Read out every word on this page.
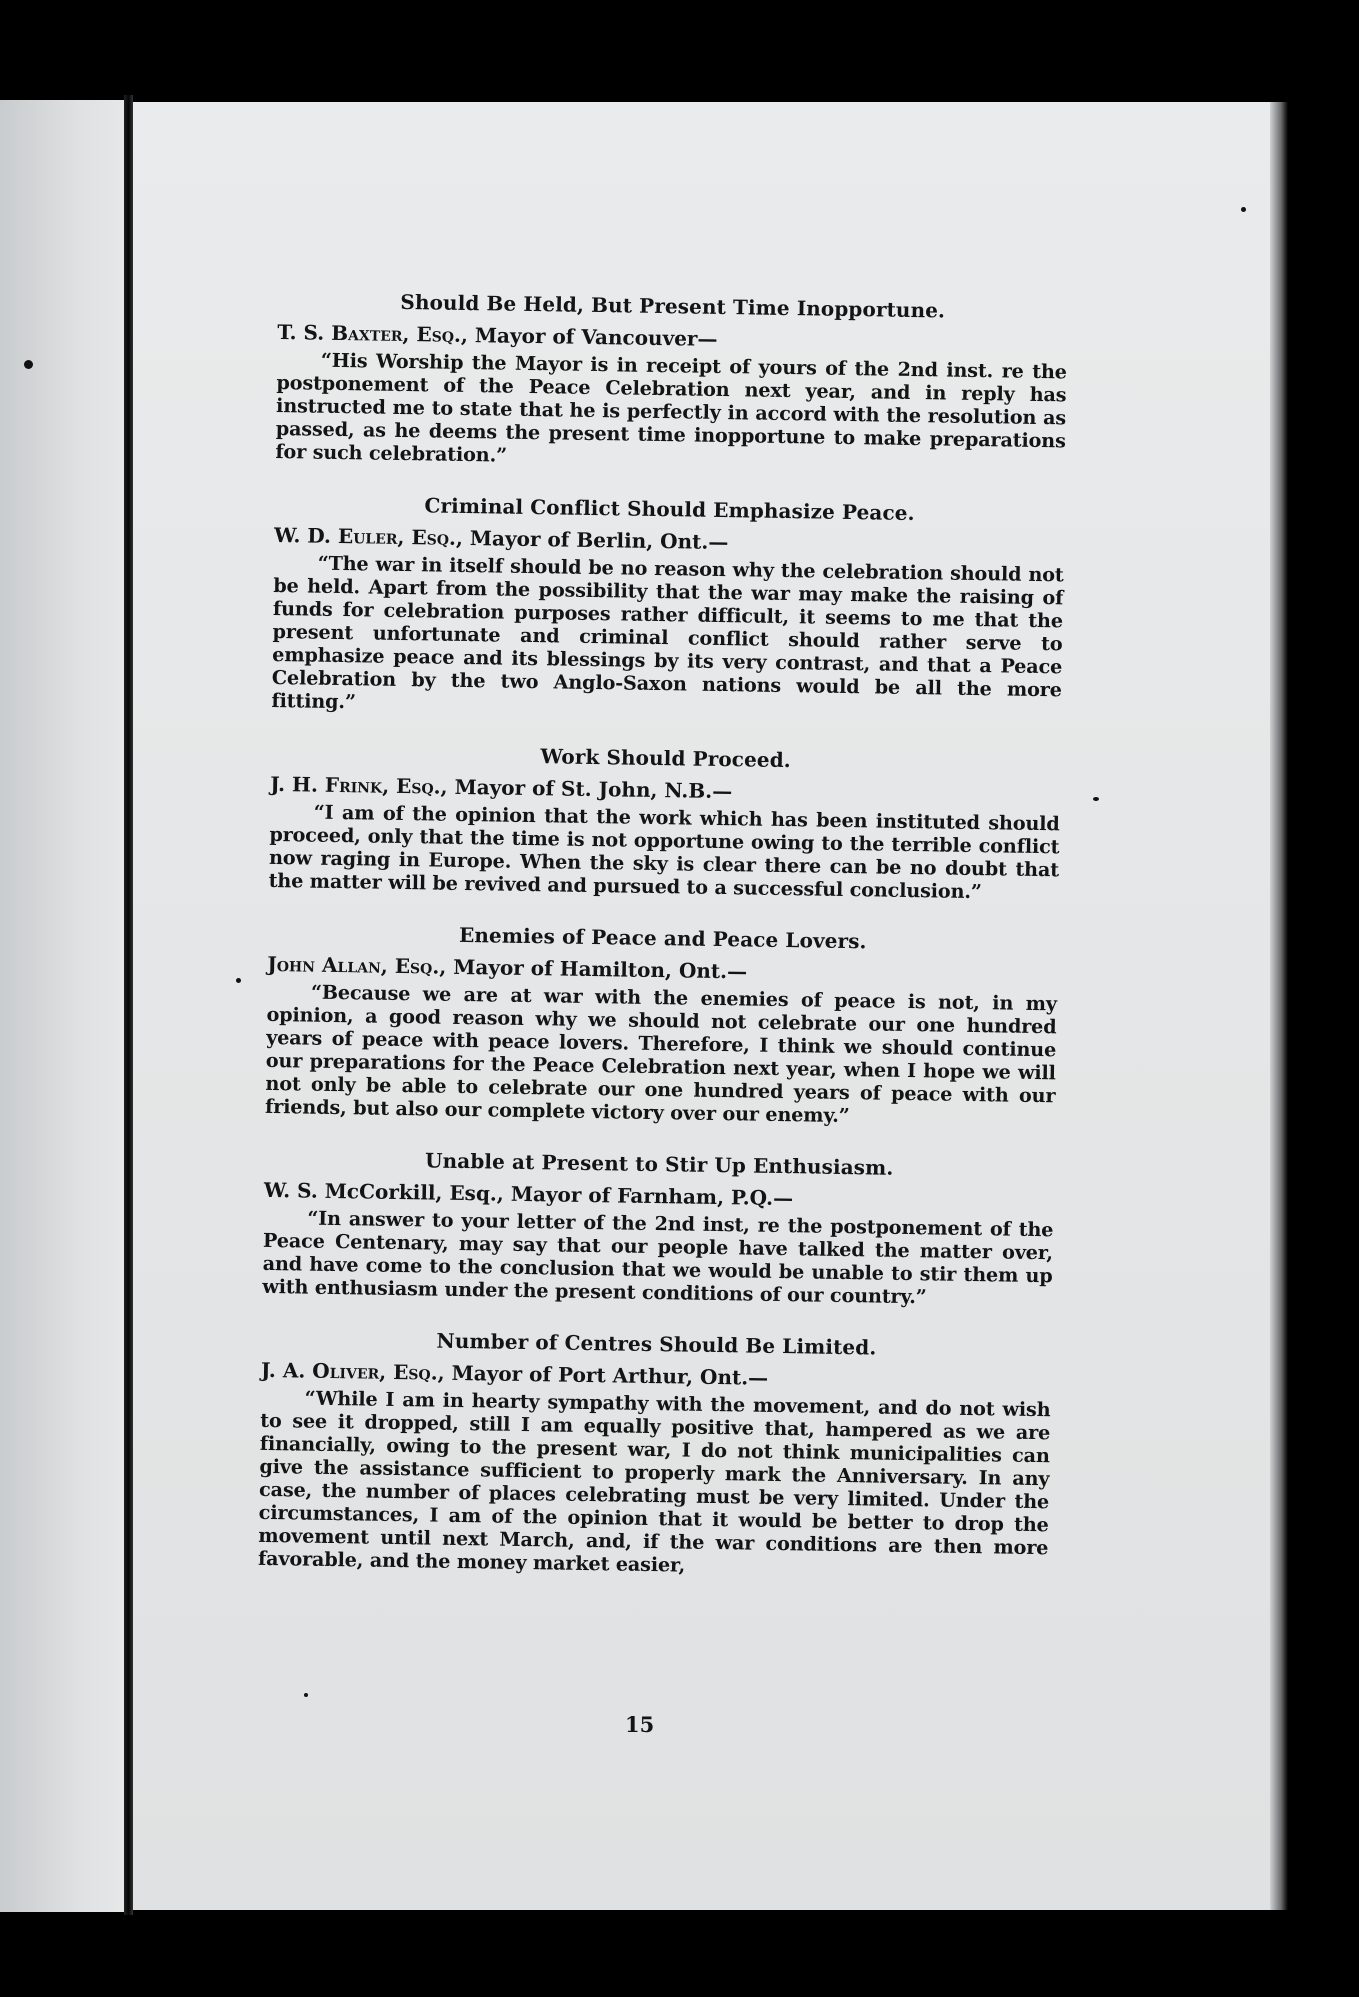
Should Be Held, But Present Time Inopportune.
T. S. Baxter, Esq., Mayor of Vancouver—

“His Worship the Mayor is in receipt of yours of the 2nd inst. re the postponement of the Peace Celebration next year, and in reply has instructed me to state that he is perfectly in accord with the resolution as passed, as he deems the present time inopportune to make preparations for such celebration.”

Criminal Conflict Should Emphasize Peace.
W. D. Euler, Esq., Mayor of Berlin, Ont.—

“The war in itself should be no reason why the celebration should not be held. Apart from the possibility that the war may make the raising of funds for celebration purposes rather difficult, it seems to me that the present unfortunate and criminal conflict should rather serve to emphasize peace and its blessings by its very contrast, and that a Peace Celebration by the two Anglo-Saxon nations would be all the more fitting.”

Work Should Proceed.
J. H. Frink, Esq., Mayor of St. John, N.B.—

“I am of the opinion that the work which has been instituted should proceed, only that the time is not opportune owing to the terrible conflict now raging in Europe. When the sky is clear there can be no doubt that the matter will be revived and pursued to a successful conclusion.”

Enemies of Peace and Peace Lovers.
John Allan, Esq., Mayor of Hamilton, Ont.—

“Because we are at war with the enemies of peace is not, in my opinion, a good reason why we should not celebrate our one hundred years of peace with peace lovers. Therefore, I think we should continue our preparations for the Peace Celebration next year, when I hope we will not only be able to celebrate our one hundred years of peace with our friends, but also our complete victory over our enemy.”

Unable at Present to Stir Up Enthusiasm.
W. S. McCorkill, Esq., Mayor of Farnham, P.Q.—

“In answer to your letter of the 2nd inst, re the postponement of the Peace Centenary, may say that our people have talked the matter over, and have come to the conclusion that we would be unable to stir them up with enthusiasm under the present conditions of our country.”

Number of Centres Should Be Limited.
J. A. Oliver, Esq., Mayor of Port Arthur, Ont.—

“While I am in hearty sympathy with the movement, and do not wish to see it dropped, still I am equally positive that, hampered as we are financially, owing to the present war, I do not think municipalities can give the assistance sufficient to properly mark the Anniversary. In any case, the number of places celebrating must be very limited. Under the circumstances, I am of the opinion that it would be better to drop the movement until next March, and, if the war conditions are then more favorable, and the money market easier,

15
